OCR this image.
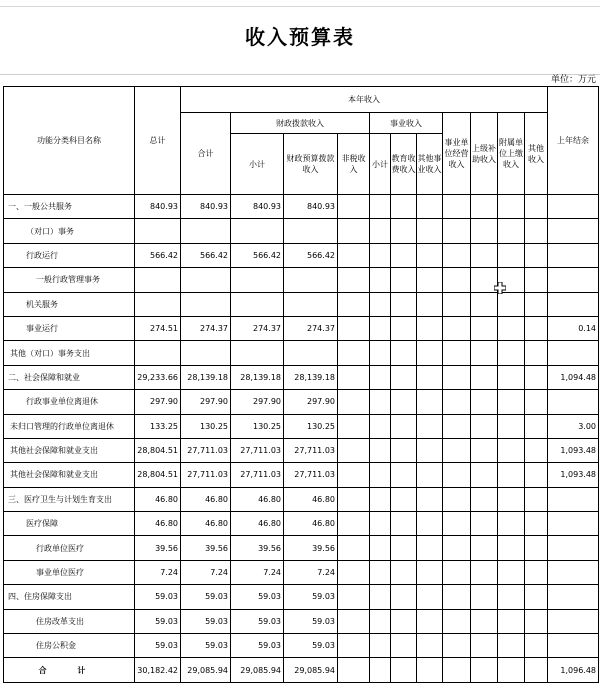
收入预算表
单位：万元
功能分类科目名称	总计	本年收入											上年结余
		合计	财政拨款收入			事业收入			事业单位经营收入	上级补助收入	附属单位上缴收入	其他收入	
			小计	财政预算拨款收入	非税收入	小计	教育收费收入	其他事业收入					

一、一般公共服务	840.93	840.93	840.93	840.93									
（对口）事务													
行政运行	566.42	566.42	566.42	566.42									
一般行政管理事务													
机关服务													
事业运行	274.51	274.37	274.37	274.37									0.14
其他（对口）事务支出													
二、社会保障和就业	29,233.66	28,139.18	28,139.18	28,139.18									1,094.48
行政事业单位离退休	297.90	297.90	297.90	297.90									
未归口管理的行政单位离退休	133.25	130.25	130.25	130.25									3.00
其他社会保障和就业支出	28,804.51	27,711.03	27,711.03	27,711.03									1,093.48
其他社会保障和就业支出	28,804.51	27,711.03	27,711.03	27,711.03									1,093.48
三、医疗卫生与计划生育支出	46.80	46.80	46.80	46.80									
医疗保障	46.80	46.80	46.80	46.80									
行政单位医疗	39.56	39.56	39.56	39.56									
事业单位医疗	7.24	7.24	7.24	7.24									
四、住房保障支出	59.03	59.03	59.03	59.03									
住房改革支出	59.03	59.03	59.03	59.03									
住房公积金	59.03	59.03	59.03	59.03									
合 计	30,182.42	29,085.94	29,085.94	29,085.94									1,096.48
